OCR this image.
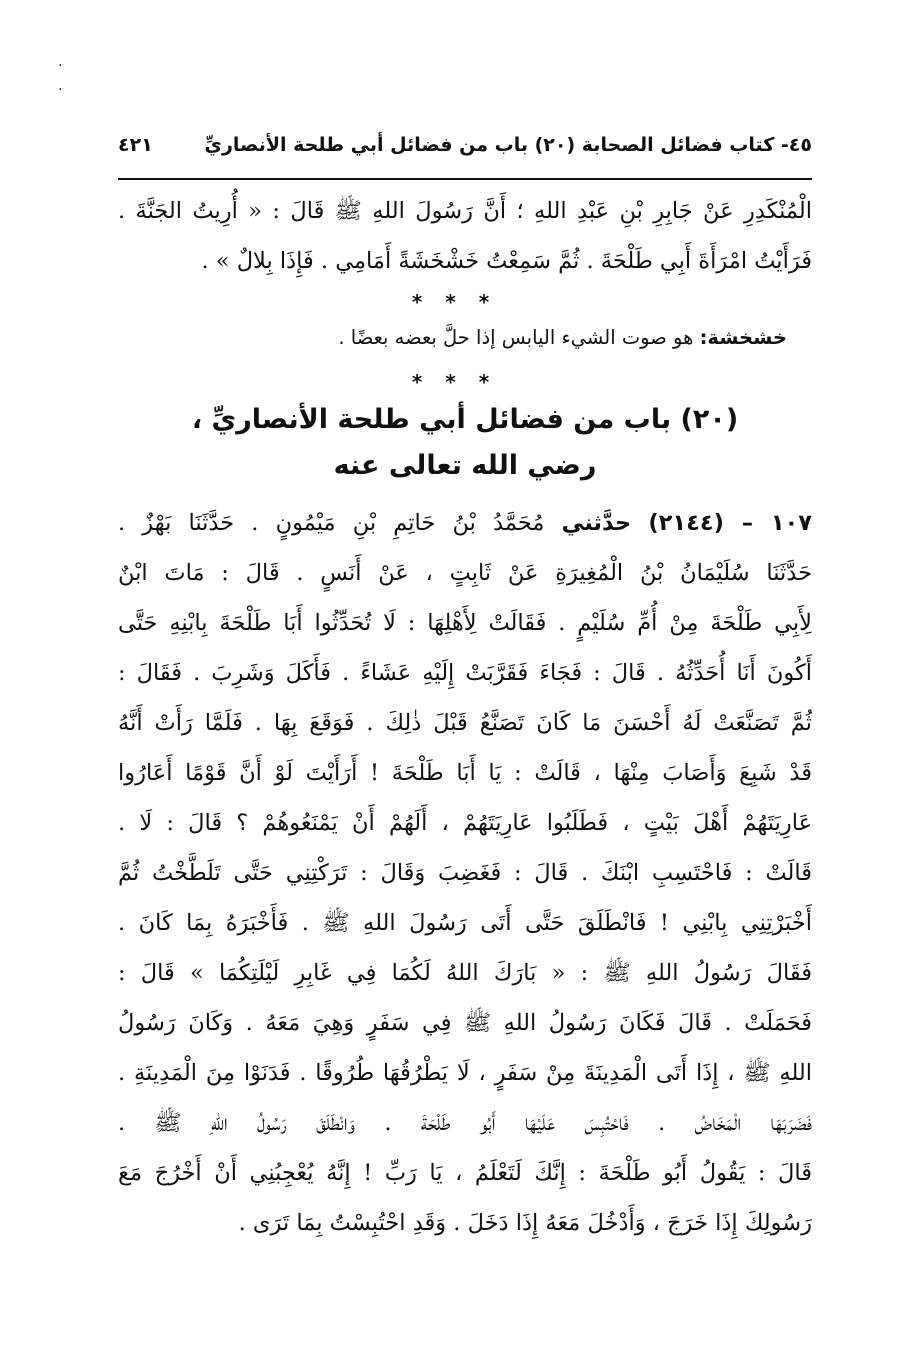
·
·
٤٥- كتاب فضائل الصحابة (٢٠) باب من فضائل أبي طلحة الأنصاريِّ
٤٢١
الْمُنْكَدِرِ عَنْ جَابِرِ بْنِ عَبْدِ اللهِ ؛ أَنَّ رَسُولَ اللهِ ﷺ قَالَ : « أُرِيتُ الجَنَّةَ .
فَرَأَيْتُ امْرَأَةَ أَبِي طَلْحَةَ . ثُمَّ سَمِعْتُ خَشْخَشَةً أَمَامِي . فَإِذَا بِلالٌ » .
* * *
خشخشة: هو صوت الشيء اليابس إذا حلَّ بعضه بعضًا .
* * *
(٢٠) باب من فضائل أبي طلحة الأنصاريِّ ،
رضي الله تعالى عنه
١٠٧ – (٢١٤٤) حدَّثني مُحَمَّدُ بْنُ حَاتِمِ بْنِ مَيْمُونٍ . حَدَّثَنَا بَهْزٌ .
حَدَّثَنَا سُلَيْمَانُ بْنُ الْمُغِيرَةِ عَنْ ثَابِتٍ ، عَنْ أَنَسٍ . قَالَ : مَاتَ ابْنٌ
لِأَبِي طَلْحَةَ مِنْ أُمِّ سُلَيْمٍ . فَقَالَتْ لِأَهْلِهَا : لَا تُحَدِّثُوا أَبَا طَلْحَةَ بِابْنِهِ حَتَّى
أَكُونَ أَنَا أُحَدِّثُهُ . قَالَ : فَجَاءَ فَقَرَّبَتْ إِلَيْهِ عَشَاءً . فَأَكَلَ وَشَرِبَ . فَقَالَ :
ثُمَّ تَصَنَّعَتْ لَهُ أَحْسَنَ مَا كَانَ تَصَنَّعُ قَبْلَ ذٰلِكَ . فَوَقَعَ بِهَا . فَلَمَّا رَأَتْ أَنَّهُ
قَدْ شَبِعَ وَأَصَابَ مِنْهَا ، قَالَتْ : يَا أَبَا طَلْحَةَ ! أَرَأَيْتَ لَوْ أَنَّ قَوْمًا أَعَارُوا
عَارِيَتَهُمْ أَهْلَ بَيْتٍ ، فَطَلَبُوا عَارِيَتَهُمْ ، أَلَهُمْ أَنْ يَمْنَعُوهُمْ ؟ قَالَ : لَا .
قَالَتْ : فَاحْتَسِبِ ابْنَكَ . قَالَ : فَغَضِبَ وَقَالَ : تَرَكْتِنِي حَتَّى تَلَطَّخْتُ ثُمَّ
أَخْبَرْتِنِي بِابْنِي ! فَانْطَلَقَ حَتَّى أَتَى رَسُولَ اللهِ ﷺ . فَأَخْبَرَهُ بِمَا كَانَ .
فَقَالَ رَسُولُ اللهِ ﷺ : « بَارَكَ اللهُ لَكُمَا فِي غَابِرِ لَيْلَتِكُمَا » قَالَ :
فَحَمَلَتْ . قَالَ فَكَانَ رَسُولُ اللهِ ﷺ فِي سَفَرٍ وَهِيَ مَعَهُ . وَكَانَ رَسُولُ
اللهِ ﷺ ، إِذَا أَتَى الْمَدِينَةَ مِنْ سَفَرٍ ، لَا يَطْرُقُهَا طُرُوقًا . فَدَنَوْا مِنَ الْمَدِينَةِ .
فَضَرَبَهَا الْمَخَاضُ . فَاحْتُبِسَ عَلَيْهَا أَبُو طَلْحَةَ . وَانْطَلَقَ رَسُولُ اللهِ ﷺ .
قَالَ : يَقُولُ أَبُو طَلْحَةَ : إِنَّكَ لَتَعْلَمُ ، يَا رَبِّ ! إِنَّهُ يُعْجِبُنِي أَنْ أَخْرُجَ مَعَ
رَسُولِكَ إِذَا خَرَجَ ، وَأَدْخُلَ مَعَهُ إِذَا دَخَلَ . وَقَدِ احْتُبِسْتُ بِمَا تَرَى .
